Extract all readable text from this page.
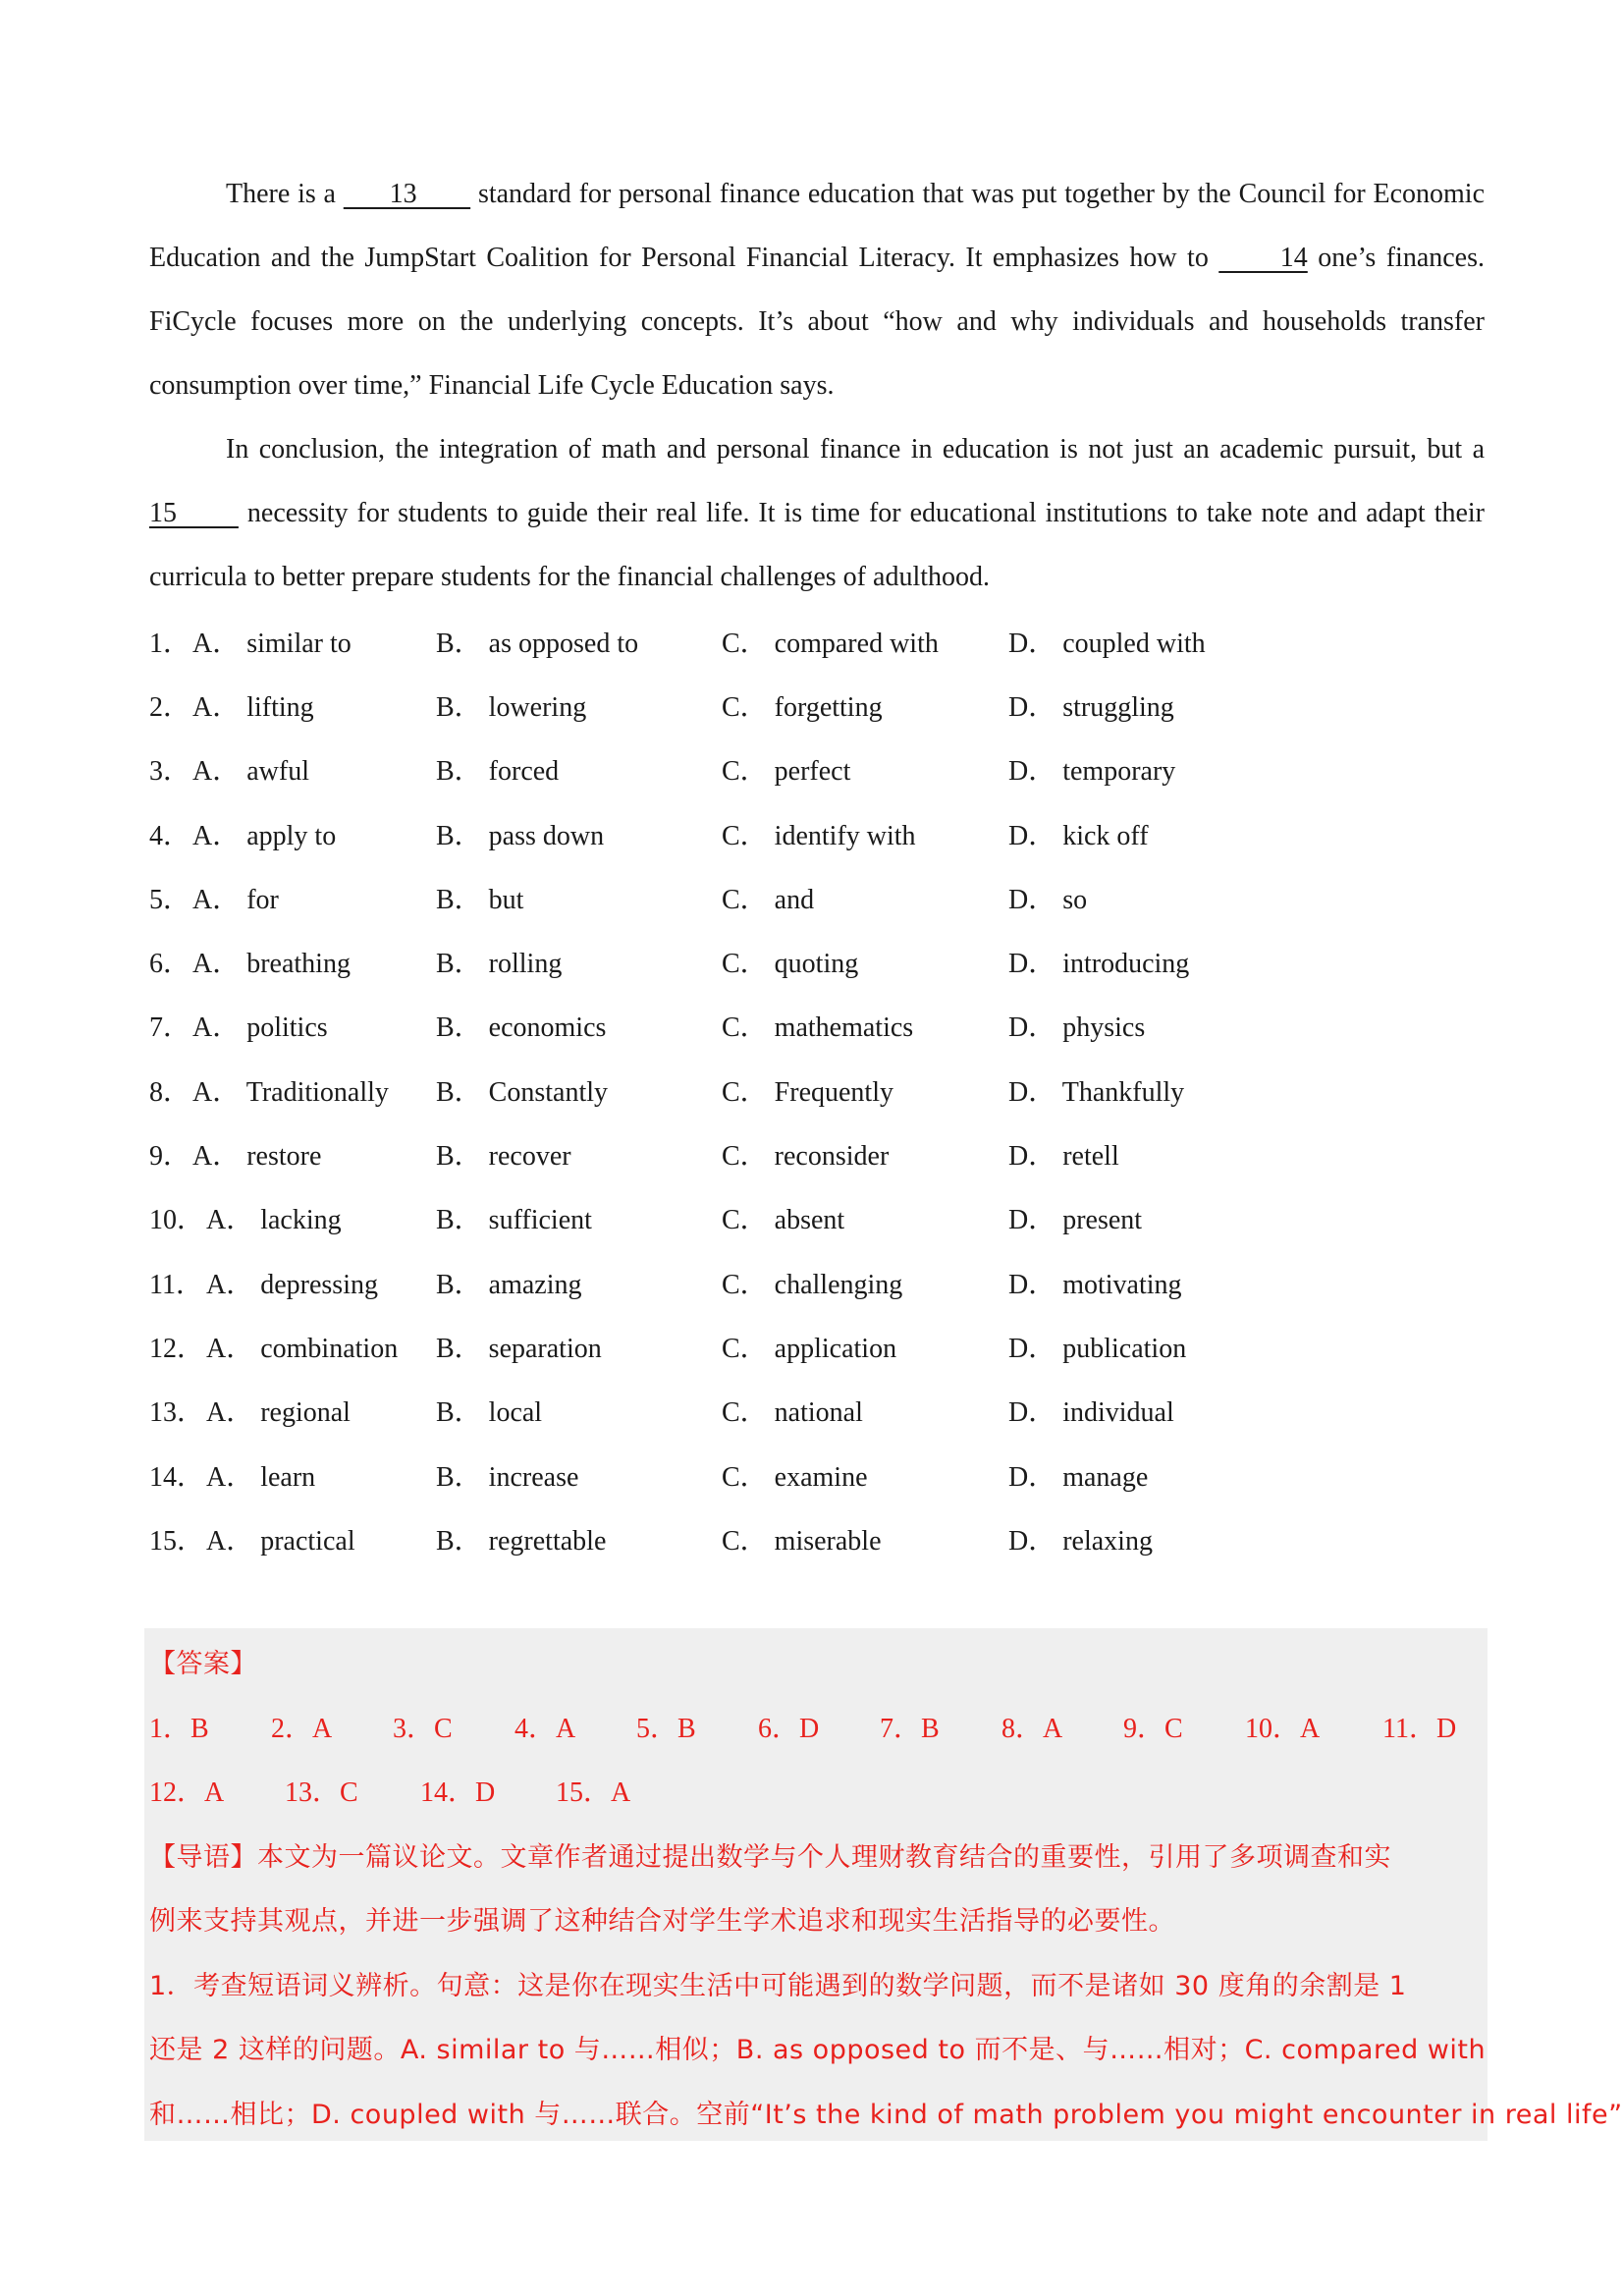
There is a       13        standard for personal finance education that was put together by the Council for Economic Education and the JumpStart Coalition for Personal Financial Literacy. It emphasizes how to       14 one’s finances. FiCycle focuses more on the underlying concepts. It’s about “how and why individuals and households transfer consumption over time,” Financial Life Cycle Education says.

In conclusion, the integration of math and personal finance in education is not just an academic pursuit, but a 15        necessity for students to guide their real life. It is time for educational institutions to take note and adapt their curricula to better prepare students for the financial challenges of adulthood.

1． A． similar to	B． as opposed to	C． compared with	D． coupled with
2． A． lifting	B． lowering	C． forgetting	D． struggling
3． A． awful	B． forced	C． perfect	D． temporary
4． A． apply to	B． pass down	C． identify with	D． kick off
5． A． for	B． but	C． and	D． so
6． A． breathing	B． rolling	C． quoting	D． introducing
7． A． politics	B． economics	C． mathematics	D． physics
8． A． Traditionally B． Constantly	C． Frequently	D． Thankfully
9． A． restore	B． recover	C． reconsider	D． retell
10． A． lacking	B． sufficient	C． absent	D． present
11． A． depressing B． amazing	C． challenging	D． motivating
12． A． combination B． separation	C． application	D． publication
13． A． regional	B． local	C． national	D． individual
14． A． learn	B． increase	C． examine	D． manage
15． A． practical	B． regrettable	C． miserable	D． relaxing
【答案】
1．B 2．A 3．C 4．A 5．B 6．D 7．B 8．A 9．C 10．A 11．D
12．A 13．C 14．D 15．A
【导语】本文为一篇议论文。文章作者通过提出数学与个人理财教育结合的重要性，引用了多项调查和实
例来支持其观点，并进一步强调了这种结合对学生学术追求和现实生活指导的必要性。
1．考查短语词义辨析。句意：这是你在现实生活中可能遇到的数学问题，而不是诸如 30 度角的余割是 1
还是 2 这样的问题。A. similar to 与……相似；B. as opposed to 而不是、与……相对；C. compared with
和……相比；D. coupled with 与……联合。空前“It’s the kind of math problem you might encounter in real life”
